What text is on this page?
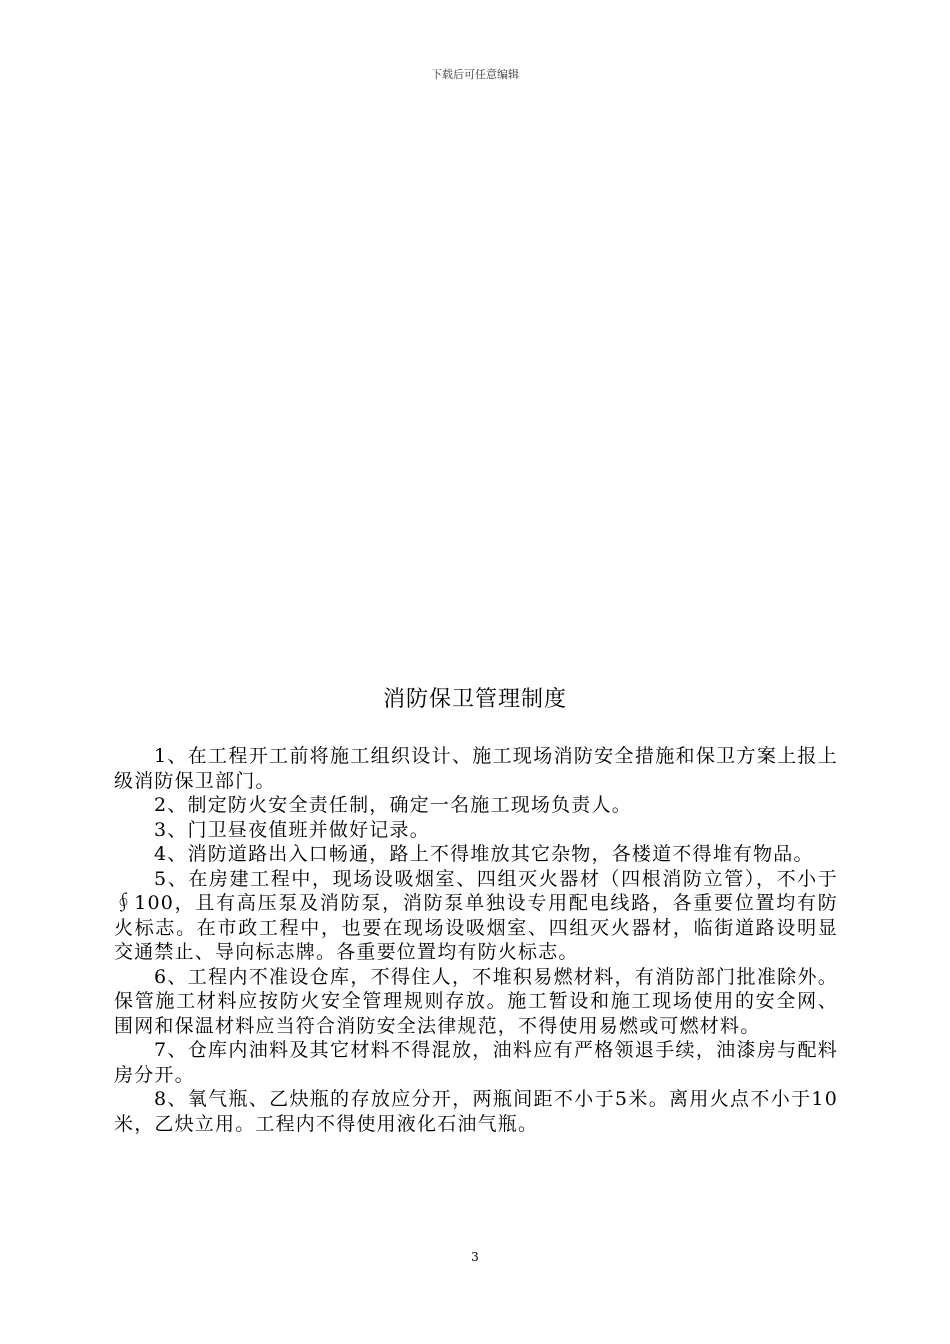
下载后可任意编辑
消防保卫管理制度

1、在工程开工前将施工组织设计、施工现场消防安全措施和保卫方案上报上级消防保卫部门。

2、制定防火安全责任制，确定一名施工现场负责人。

3、门卫昼夜值班并做好记录。

4、消防道路出入口畅通，路上不得堆放其它杂物，各楼道不得堆有物品。

5、在房建工程中，现场设吸烟室、四组灭火器材（四根消防立管），不小于∮100，且有高压泵及消防泵，消防泵单独设专用配电线路，各重要位置均有防火标志。在市政工程中，也要在现场设吸烟室、四组灭火器材，临街道路设明显交通禁止、导向标志牌。各重要位置均有防火标志。

6、工程内不准设仓库，不得住人，不堆积易燃材料，有消防部门批准除外。保管施工材料应按防火安全管理规则存放。施工暂设和施工现场使用的安全网、围网和保温材料应当符合消防安全法律规范，不得使用易燃或可燃材料。

7、仓库内油料及其它材料不得混放，油料应有严格领退手续，油漆房与配料房分开。

8、氧气瓶、乙炔瓶的存放应分开，两瓶间距不小于5米。离用火点不小于10米，乙炔立用。工程内不得使用液化石油气瓶。

3
